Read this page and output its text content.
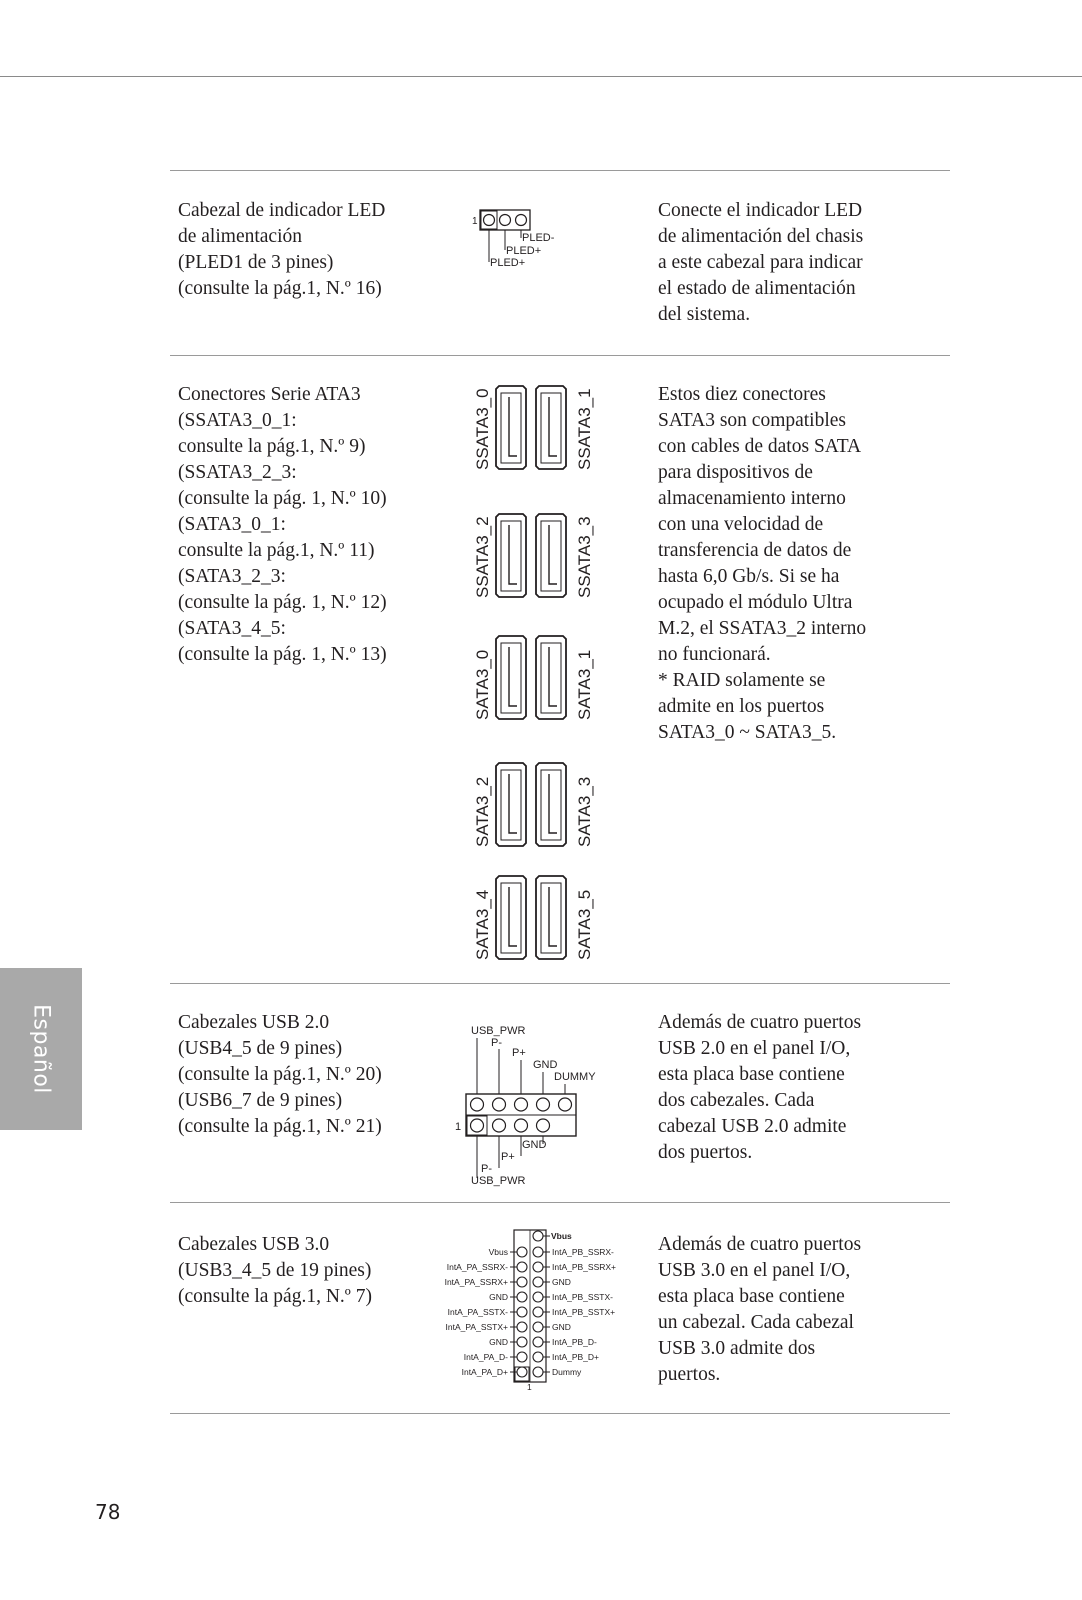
Cabezal de indicador LED
de alimentación
(PLED1 de 3 pines)
(consulte la pág.1, N.º 16)
Conecte el indicador LED
de alimentación del chasis
a este cabezal para indicar
el estado de alimentación
del sistema.
1
PLED-
PLED+
PLED+
Conectores Serie ATA3
(SSATA3_0_1:
consulte la pág.1, N.º 9)
(SSATA3_2_3:
(consulte la pág. 1, N.º 10)
(SATA3_0_1:
consulte la pág.1, N.º 11)
(SATA3_2_3:
(consulte la pág. 1, N.º 12)
(SATA3_4_5:
(consulte la pág. 1, N.º 13)
Estos diez conectores
SATA3 son compatibles
con cables de datos SATA
para dispositivos de
almacenamiento interno
con una velocidad de
transferencia de datos de
hasta 6,0 Gb/s. Si se ha
ocupado el módulo Ultra
M.2, el SSATA3_2 interno
no funcionará.
* RAID solamente se
admite en los puertos
SATA3_0 ~ SATA3_5.
SSATA3_0	SSATA3_1
SSATA3_2	SSATA3_3
SATA3_0	SATA3_1
SATA3_2	SATA3_3
SATA3_4	SATA3_5
Cabezales USB 2.0
(USB4_5 de 9 pines)
(consulte la pág.1, N.º 20)
(USB6_7 de 9 pines)
(consulte la pág.1, N.º 21)
Además de cuatro puertos
USB 2.0 en el panel I/O,
esta placa base contiene
dos cabezales. Cada
cabezal USB 2.0 admite
dos puertos.
USB_PWR
P-
P+
GND
DUMMY
1
GND
P+
P-
USB_PWR
Cabezales USB 3.0
(USB3_4_5 de 19 pines)
(consulte la pág.1, N.º 7)
Además de cuatro puertos
USB 3.0 en el panel I/O,
esta placa base contiene
un cabezal. Cada cabezal
USB 3.0 admite dos
puertos.
Vbus
Vbus
IntA_PA_SSRX-
IntA_PA_SSRX+
GND
IntA_PA_SSTX-
IntA_PA_SSTX+
GND
IntA_PA_D-
IntA_PA_D+
IntA_PB_SSRX-
IntA_PB_SSRX+
GND
IntA_PB_SSTX-
IntA_PB_SSTX+
GND
IntA_PB_D-
IntA_PB_D+
Dummy
1
Español
78
